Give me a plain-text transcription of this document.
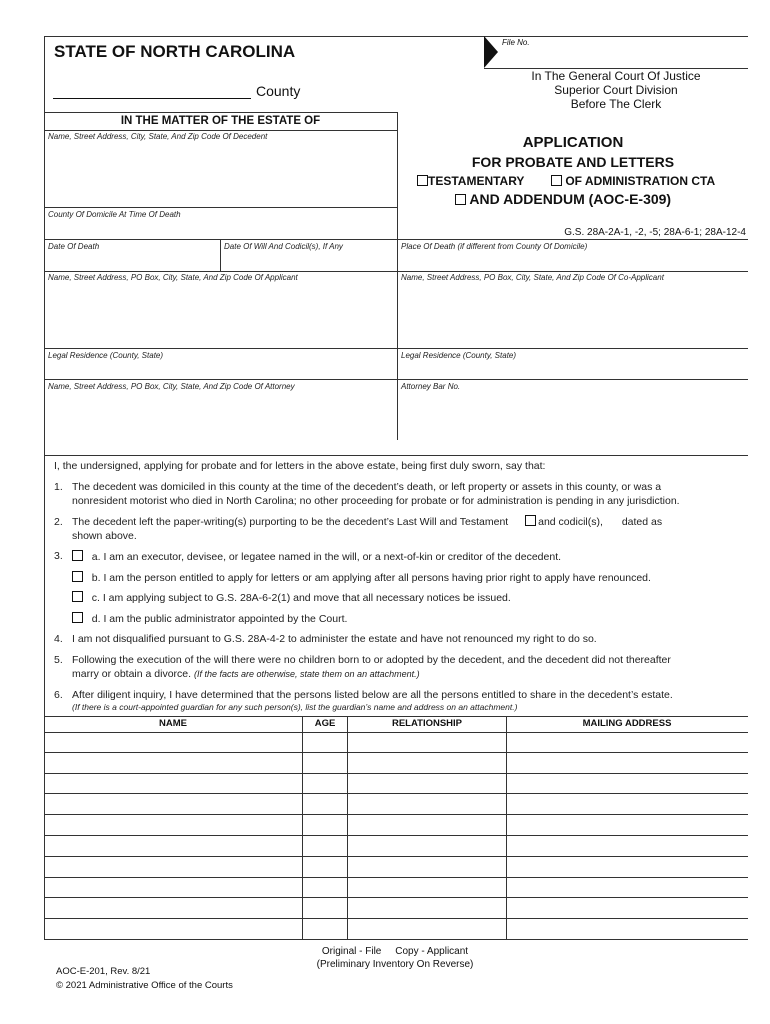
STATE OF NORTH CAROLINA	File No.
County
In The General Court Of Justice
Superior Court Division
Before The Clerk
IN THE MATTER OF THE ESTATE OF
Name, Street Address, City, State, And Zip Code Of Decedent
County Of Domicile At Time Of Death
APPLICATION
FOR PROBATE AND LETTERS
TESTAMENTARY	OF ADMINISTRATION CTA
AND ADDENDUM (AOC-E-309)
G.S. 28A-2A-1, -2, -5; 28A-6-1; 28A-12-4
Date Of Death	Date Of Will And Codicil(s), If Any	Place Of Death (if different from County Of Domicile)
Name, Street Address, PO Box, City, State, And Zip Code Of Applicant	Name, Street Address, PO Box, City, State, And Zip Code Of Co-Applicant
Legal Residence (County, State)	Legal Residence (County, State)
Name, Street Address, PO Box, City, State, And Zip Code Of Attorney	Attorney Bar No.
I, the undersigned, applying for probate and for letters in the above estate, being first duly sworn, say that:
1. The decedent was domiciled in this county at the time of the decedent’s death, or left property or assets in this county, or was a
nonresident motorist who died in North Carolina; no other proceeding for probate or for administration is pending in any jurisdiction.
2. The decedent left the paper-writing(s) purporting to be the decedent’s Last Will and Testament	and codicil(s), dated as
shown above.
3.	a. I am an executor, devisee, or legatee named in the will, or a next-of-kin or creditor of the decedent.
b. I am the person entitled to apply for letters or am applying after all persons having prior right to apply have renounced.
c. I am applying subject to G.S. 28A-6-2(1) and move that all necessary notices be issued.
d. I am the public administrator appointed by the Court.
4. I am not disqualified pursuant to G.S. 28A-4-2 to administer the estate and have not renounced my right to do so.
5. Following the execution of the will there were no children born to or adopted by the decedent, and the decedent did not thereafter
marry or obtain a divorce. (If the facts are otherwise, state them on an attachment.)
6. After diligent inquiry, I have determined that the persons listed below are all the persons entitled to share in the decedent’s estate.
(If there is a court-appointed guardian for any such person(s), list the guardian’s name and address on an attachment.)
NAME	AGE	RELATIONSHIP	MAILING ADDRESS
Original - File     Copy - Applicant
(Preliminary Inventory On Reverse)
AOC-E-201, Rev. 8/21
© 2021 Administrative Office of the Courts
